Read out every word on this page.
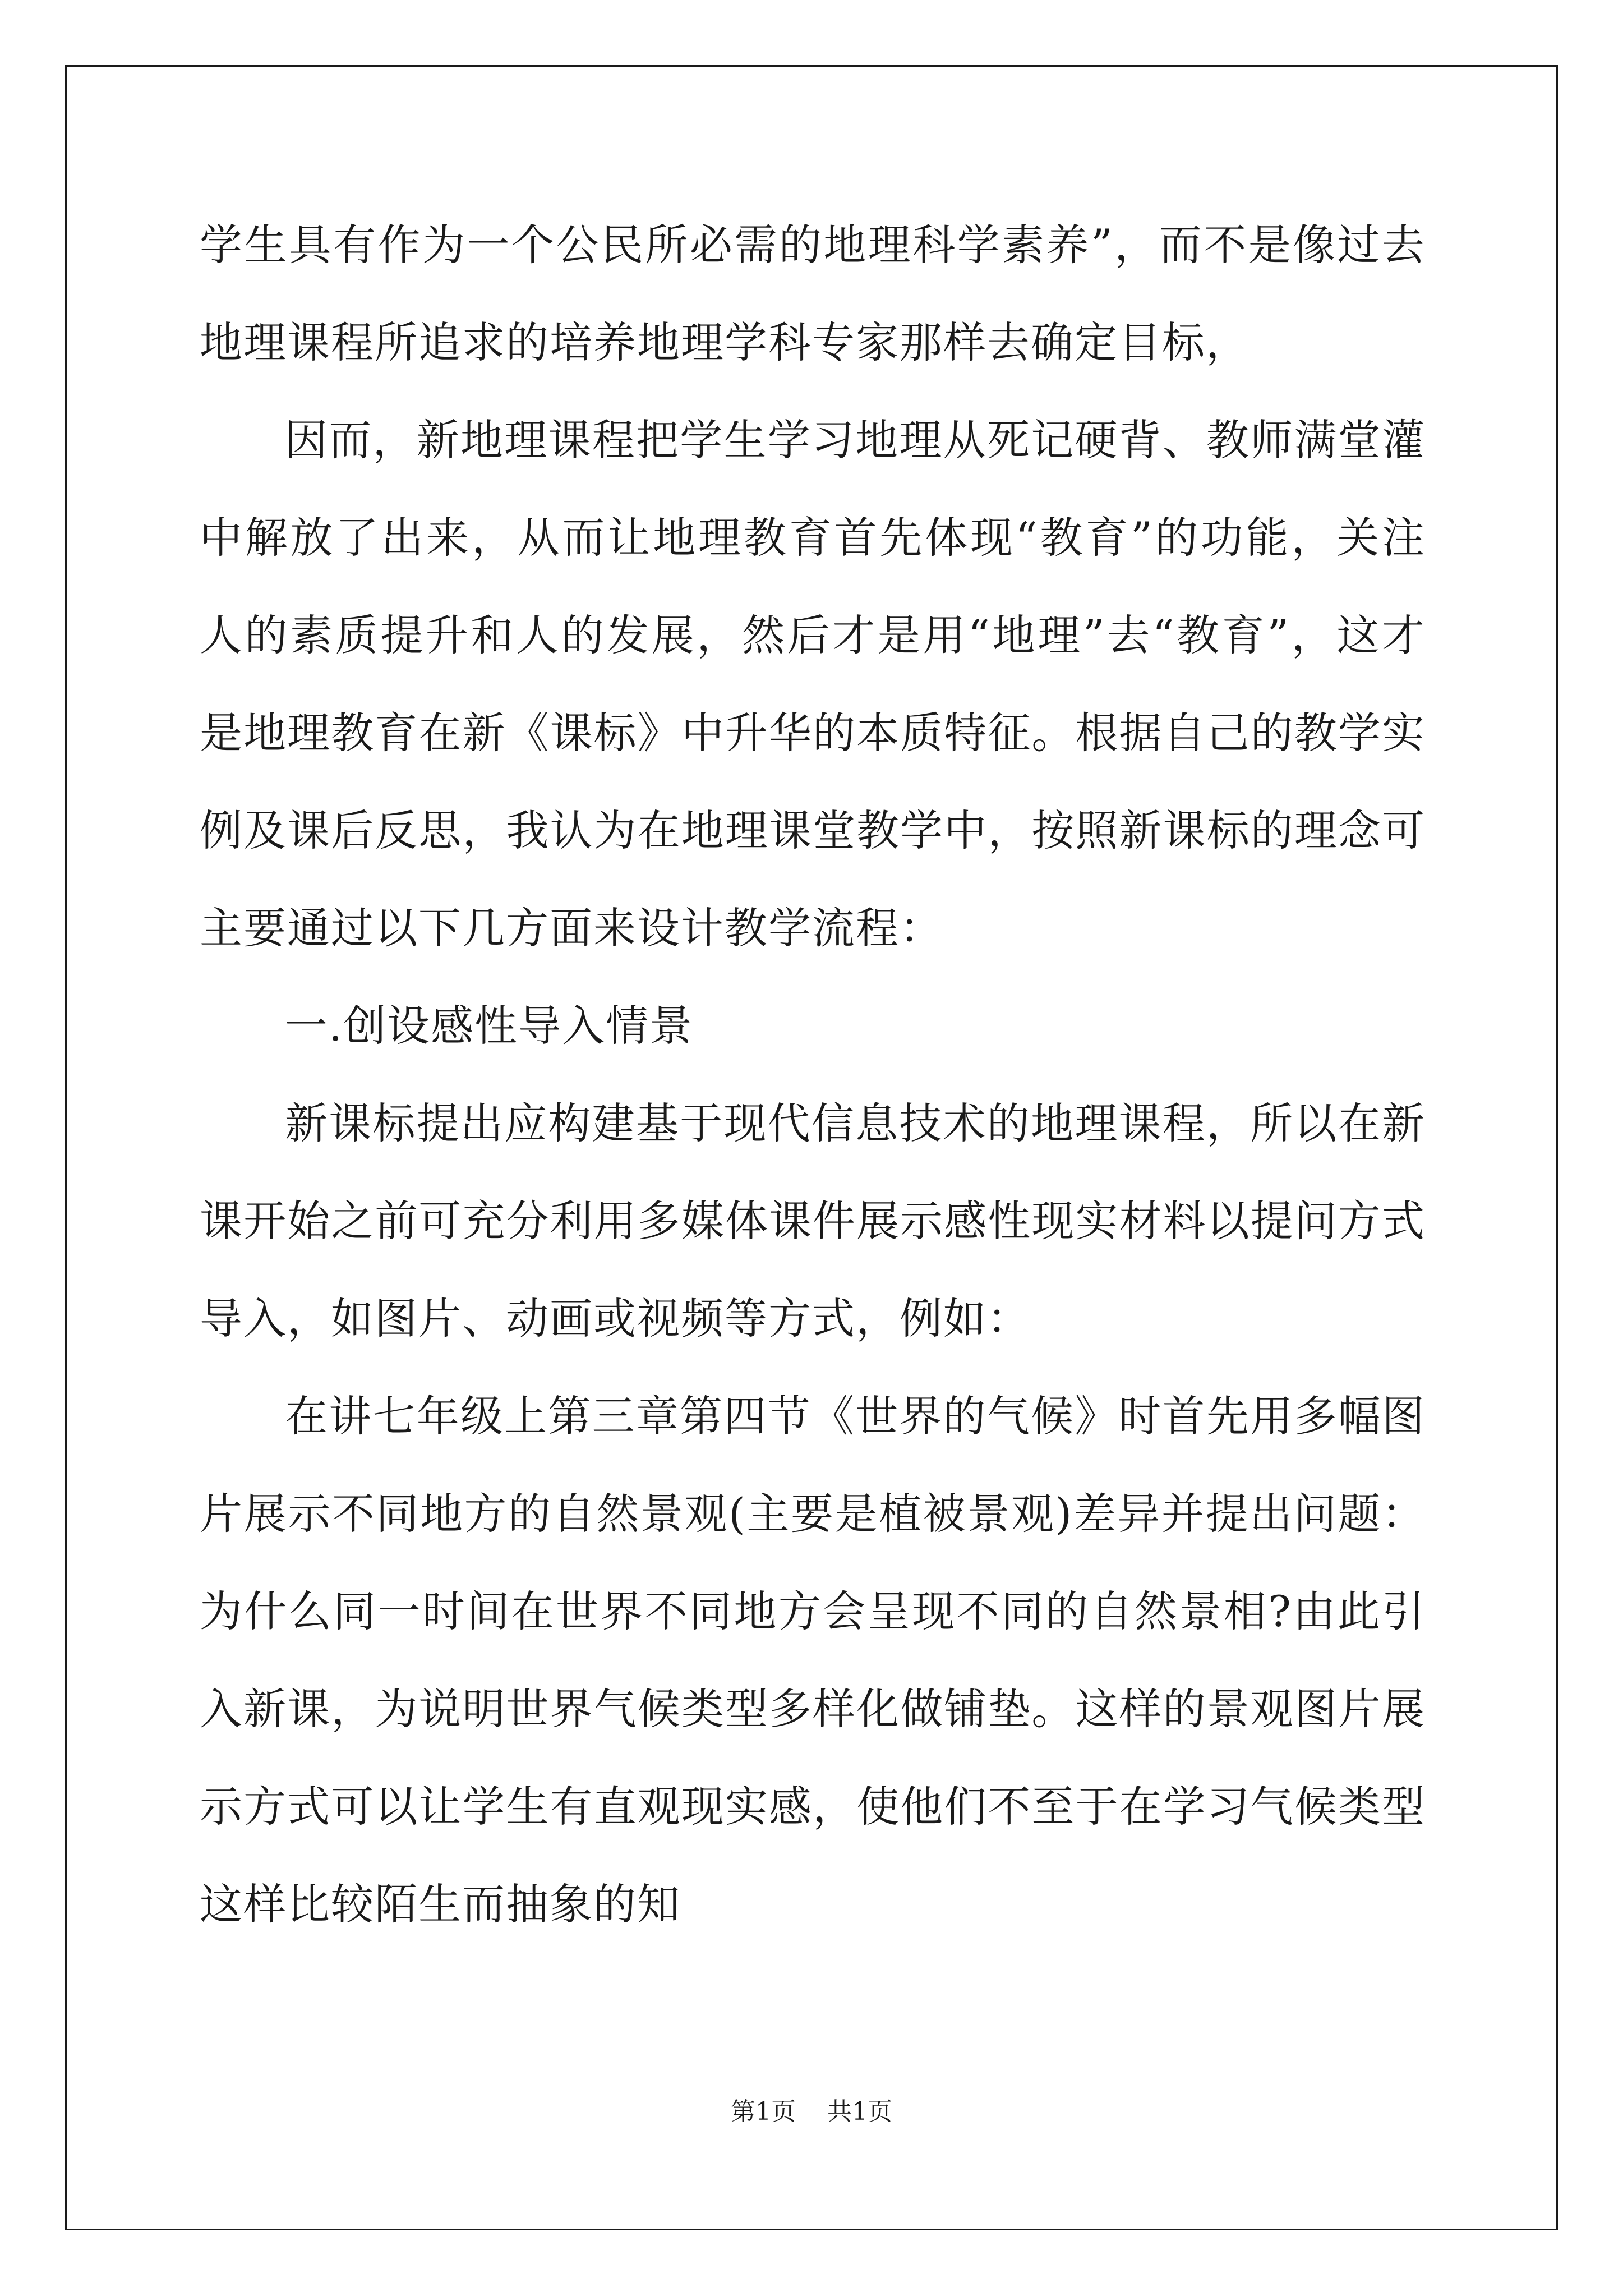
学生具有作为一个公民所必需的地理科学素养”，而不是像过去地理课程所追求的培养地理学科专家那样去确定目标，

因而，新地理课程把学生学习地理从死记硬背、教师满堂灌中解放了出来，从而让地理教育首先体现“教育”的功能，关注人的素质提升和人的发展，然后才是用“地理”去“教育”，这才是地理教育在新《课标》中升华的本质特征。根据自己的教学实例及课后反思，我认为在地理课堂教学中，按照新课标的理念可主要通过以下几方面来设计教学流程：

一.创设感性导入情景

新课标提出应构建基于现代信息技术的地理课程，所以在新课开始之前可充分利用多媒体课件展示感性现实材料以提问方式导入，如图片、动画或视频等方式，例如：

在讲七年级上第三章第四节《世界的气候》时首先用多幅图片展示不同地方的自然景观(主要是植被景观)差异并提出问题：为什么同一时间在世界不同地方会呈现不同的自然景相?由此引入新课，为说明世界气候类型多样化做铺垫。这样的景观图片展示方式可以让学生有直观现实感，使他们不至于在学习气候类型这样比较陌生而抽象的知

第1页 共1页
